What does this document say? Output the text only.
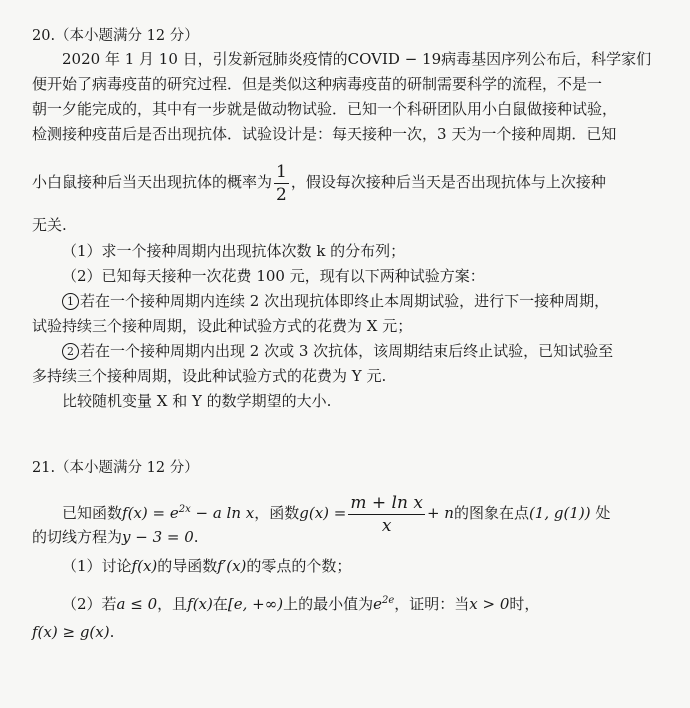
20.（本小题满分 12 分）
2020 年 1 月 10 日，引发新冠肺炎疫情的COVID − 19病毒基因序列公布后，科学家们
便开始了病毒疫苗的研究过程．但是类似这种病毒疫苗的研制需要科学的流程，不是一
朝一夕能完成的，其中有一步就是做动物试验．已知一个科研团队用小白鼠做接种试验，
检测接种疫苗后是否出现抗体．试验设计是：每天接种一次，3 天为一个接种周期．已知
小白鼠接种后当天出现抗体的概率为 $\frac{1}{2}$ ，假设每次接种后当天是否出现抗体与上次接种
无关.
（1）求一个接种周期内出现抗体次数 k 的分布列；
（2）已知每天接种一次花费 100 元，现有以下两种试验方案：
1 若在一个接种周期内连续 2 次出现抗体即终止本周期试验，进行下一接种周期，
试验持续三个接种周期，设此种试验方式的花费为 X 元；
2 若在一个接种周期内出现 2 次或 3 次抗体，该周期结束后终止试验，已知试验至
多持续三个接种周期，设此种试验方式的花费为 Y 元.
比较随机变量 X 和 Y 的数学期望的大小.
21.（本小题满分 12 分）
已知函数$f(x) = e^{2x} - a$ ln x，函数$g(x) = \frac{\text{m + ln x}}{x} + n$的图象在点(1, g(1)) 处
的切线方程为y − 3 = 0.
（1）讨论f(x)的导函数f′(x)的零点的个数；
（2）若a ≤ 0，且f(x)在[e, +∞)上的最小值为$e^{2e}$，证明：当x > 0时，
f(x) ≥ g(x).
